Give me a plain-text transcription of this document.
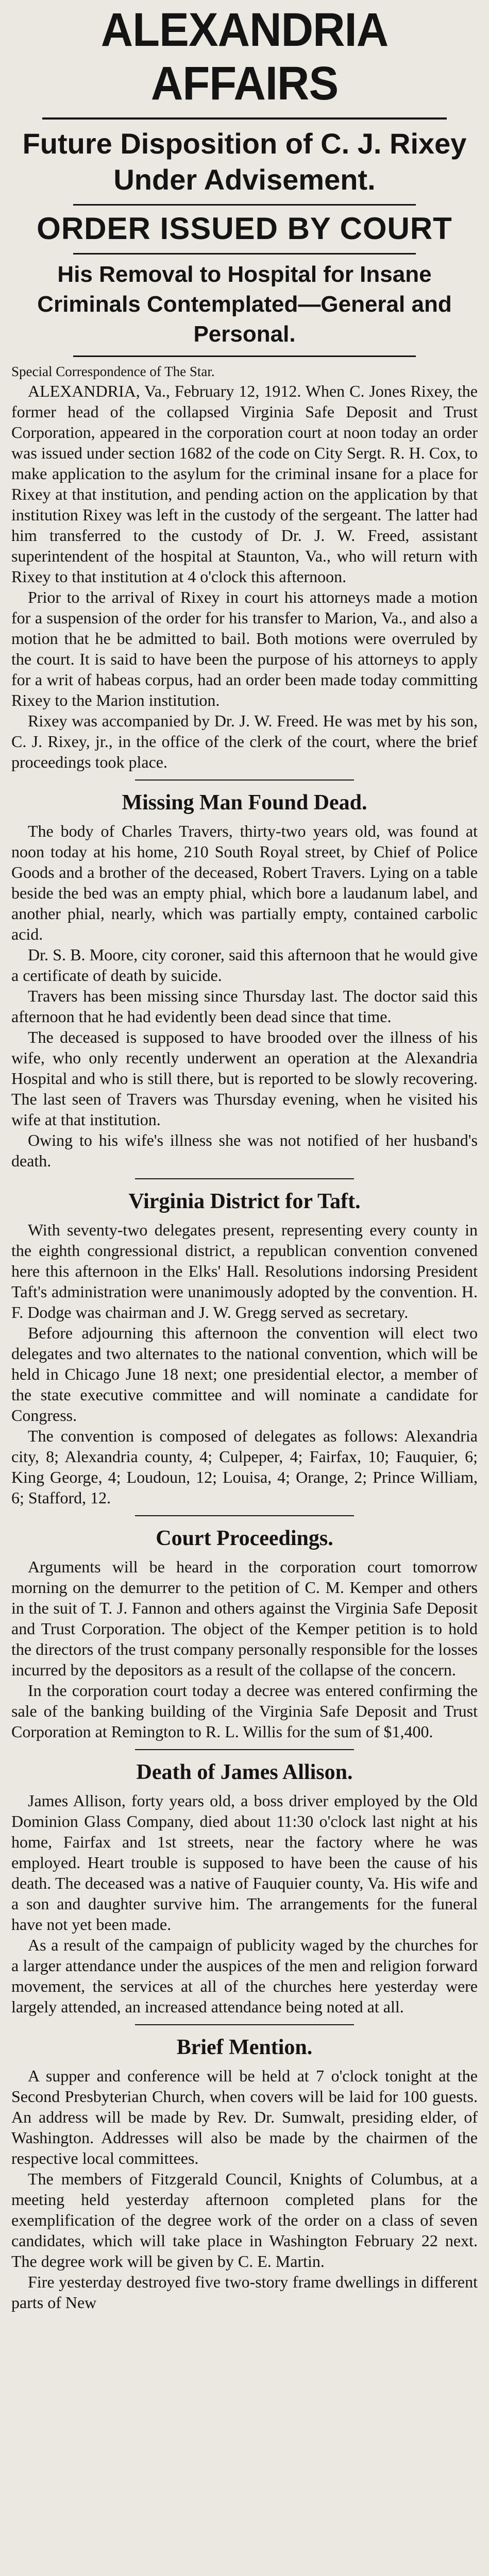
ALEXANDRIA AFFAIRS
Future Disposition of C. J. Rixey Under Advisement.
ORDER ISSUED BY COURT
His Removal to Hospital for Insane Criminals Contemplated—General and Personal.

Special Correspondence of The Star.

ALEXANDRIA, Va., February 12, 1912. When C. Jones Rixey, the former head of the collapsed Virginia Safe Deposit and Trust Corporation, appeared in the corporation court at noon today an order was issued under section 1682 of the code on City Sergt. R. H. Cox, to make application to the asylum for the criminal insane for a place for Rixey at that institution, and pending action on the application by that institution Rixey was left in the custody of the sergeant. The latter had him transferred to the custody of Dr. J. W. Freed, assistant superintendent of the hospital at Staunton, Va., who will return with Rixey to that institution at 4 o'clock this afternoon.

Prior to the arrival of Rixey in court his attorneys made a motion for a suspension of the order for his transfer to Marion, Va., and also a motion that he be admitted to bail. Both motions were overruled by the court. It is said to have been the purpose of his attorneys to apply for a writ of habeas corpus, had an order been made today committing Rixey to the Marion institution.

Rixey was accompanied by Dr. J. W. Freed. He was met by his son, C. J. Rixey, jr., in the office of the clerk of the court, where the brief proceedings took place.

Missing Man Found Dead.

The body of Charles Travers, thirty-two years old, was found at noon today at his home, 210 South Royal street, by Chief of Police Goods and a brother of the deceased, Robert Travers. Lying on a table beside the bed was an empty phial, which bore a laudanum label, and another phial, nearly, which was partially empty, contained carbolic acid.

Dr. S. B. Moore, city coroner, said this afternoon that he would give a certificate of death by suicide.

Travers has been missing since Thursday last. The doctor said this afternoon that he had evidently been dead since that time.

The deceased is supposed to have brooded over the illness of his wife, who only recently underwent an operation at the Alexandria Hospital and who is still there, but is reported to be slowly recovering. The last seen of Travers was Thursday evening, when he visited his wife at that institution.

Owing to his wife's illness she was not notified of her husband's death.

Virginia District for Taft.

With seventy-two delegates present, representing every county in the eighth congressional district, a republican convention convened here this afternoon in the Elks' Hall. Resolutions indorsing President Taft's administration were unanimously adopted by the convention. H. F. Dodge was chairman and J. W. Gregg served as secretary.

Before adjourning this afternoon the convention will elect two delegates and two alternates to the national convention, which will be held in Chicago June 18 next; one presidential elector, a member of the state executive committee and will nominate a candidate for Congress.

The convention is composed of delegates as follows: Alexandria city, 8; Alexandria county, 4; Culpeper, 4; Fairfax, 10; Fauquier, 6; King George, 4; Loudoun, 12; Louisa, 4; Orange, 2; Prince William, 6; Stafford, 12.

Court Proceedings.

Arguments will be heard in the corporation court tomorrow morning on the demurrer to the petition of C. M. Kemper and others in the suit of T. J. Fannon and others against the Virginia Safe Deposit and Trust Corporation. The object of the Kemper petition is to hold the directors of the trust company personally responsible for the losses incurred by the depositors as a result of the collapse of the concern.

In the corporation court today a decree was entered confirming the sale of the banking building of the Virginia Safe Deposit and Trust Corporation at Remington to R. L. Willis for the sum of $1,400.

Death of James Allison.

James Allison, forty years old, a boss driver employed by the Old Dominion Glass Company, died about 11:30 o'clock last night at his home, Fairfax and 1st streets, near the factory where he was employed. Heart trouble is supposed to have been the cause of his death. The deceased was a native of Fauquier county, Va. His wife and a son and daughter survive him. The arrangements for the funeral have not yet been made.

As a result of the campaign of publicity waged by the churches for a larger attendance under the auspices of the men and religion forward movement, the services at all of the churches here yesterday were largely attended, an increased attendance being noted at all.

Brief Mention.

A supper and conference will be held at 7 o'clock tonight at the Second Presbyterian Church, when covers will be laid for 100 guests. An address will be made by Rev. Dr. Sumwalt, presiding elder, of Washington. Addresses will also be made by the chairmen of the respective local committees.

The members of Fitzgerald Council, Knights of Columbus, at a meeting held yesterday afternoon completed plans for the exemplification of the degree work of the order on a class of seven candidates, which will take place in Washington February 22 next. The degree work will be given by C. E. Martin.

Fire yesterday destroyed five two-story frame dwellings in different parts of New
